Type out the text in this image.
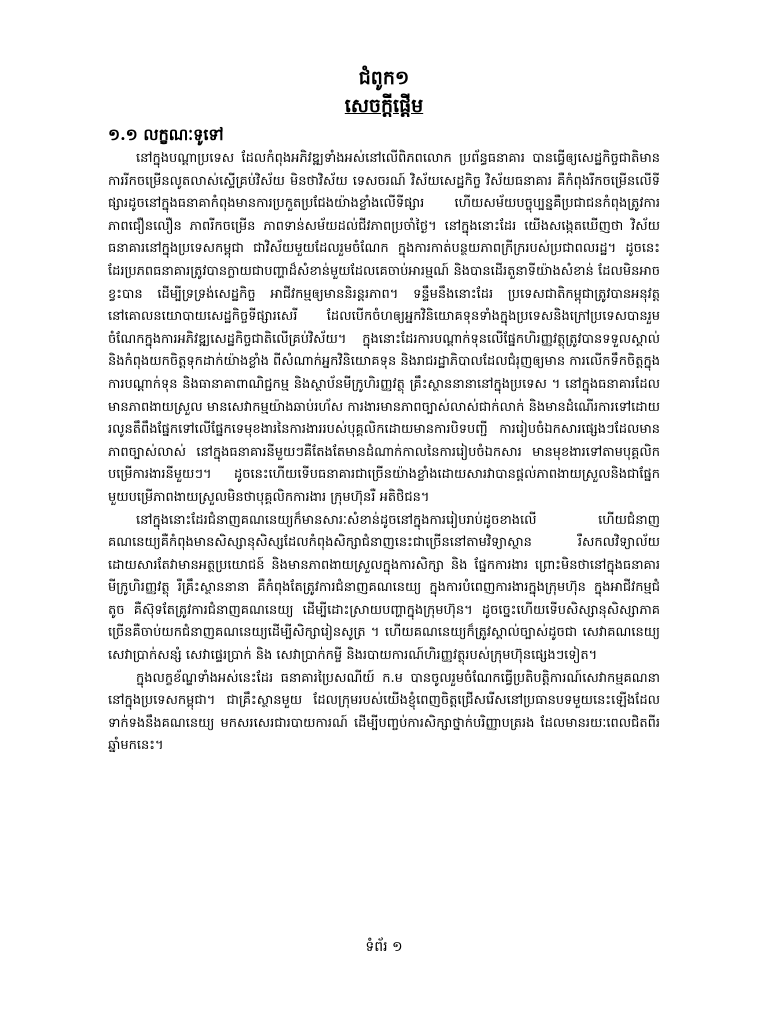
ជំពូក១
សេចក្ដីផ្ដើម
១.១ លក្ខណៈទូទៅ

នៅក្នុងបណ្ដាប្រទេស ដែលកំពុងអភិវឌ្ឍទាំងអស់នៅលើពិភពលោក ប្រព័ន្ធធនាគារ បានធ្វើឲ្យសេដ្ឋកិច្ចជាតិមានការរីកចម្រើនលូតលាស់ស្ទើគ្រប់វិស័យ មិនថាវិស័យ ទេសចរណ៍ វិស័យសេដ្ឋកិច្ច វិស័យធនាគារ គឺកំពុងរីកចម្រើនលើទីផ្សារដូចនៅក្នុងធនាគាកំពុងមានការប្រកួតប្រជែងយ៉ាងខ្លាំងលើទីផ្សារ ហើយសម័យបច្ចុប្បន្នគឺប្រជាជនកំពុងត្រូវការភាពជឿនលឿន ភាពរីកចម្រើន ភាពទាន់សម័យដល់ជីវភាពប្រចាំថ្ងៃ។ នៅក្នុងនោះដែរ យើងសង្កេតឃើញថា វិស័យធនាគារនៅក្នុងប្រទេសកម្ពុជា ជាវិស័យមួយដែលរួមចំណែក ក្នុងការកាត់បន្ថយភាពក្រីក្ររបស់ប្រជាពលរដ្ឋ។ ដូចនេះដែរប្រភពធនាគារត្រូវបានក្លាយជាបញ្ហាដ៏សំខាន់មួយដែលគេចាប់អារម្មណ៍ និងបានដើរតួនាទីយ៉ាងសំខាន់ ដែលមិនអាចខ្វះបាន ដើម្បីទ្រទ្រង់សេដ្ឋកិច្ច អាជីវកម្មឲ្យមាននិរន្តរភាព។ ទន្ទឹមនឹងនោះដែរ ប្រទេសជាតិកម្ពុជាត្រូវបានអនុវត្តនៅគោលនយោបាយសេដ្ឋកិច្ចទីផ្សារសេរី ដែលបើកចំហឲ្យអ្នកវិនិយោគទុនទាំងក្នុងប្រទេសនិងក្រៅប្រទេសបានរួមចំណែកក្នុងការអភិវឌ្ឍសេដ្ឋកិច្ចជាតិលើគ្រប់វិស័យ។ ក្នុងនោះដែរការបណ្ដាក់ទុនលើផ្នែកហិរញ្ញវត្ថុត្រូវបានទទួលស្គាល់ និងកំពុងយកចិត្តទុកដាក់យ៉ាងខ្លាំង ពីសំណាក់អ្នកវិនិយោគទុន និងរាជរដ្ឋាភិបាលដែលជំរុញឲ្យមាន ការលើកទឹកចិត្តក្នុងការបណ្ដាក់ទុន និងធានាគាពាណិជ្ជកម្ម និងស្ថាប័នមីក្រូហិរញ្ញវត្ថុ គ្រឹះស្ថាននានានៅក្នុងប្រទេស ។ នៅក្នុងធនាគារដែលមានភាពងាយស្រួល មានសេវាកម្មយ៉ាងឆាប់រហ័ស ការងារមានភាពច្បាស់លាស់ជាក់លាក់ និងមានដំណើរការទៅដោយរលូនតឹពឹងផ្នែកទៅលើផ្នែកទេមុខងារនៃការងាររបស់បុគ្គលិកដោយមានការបិទបញ្ជី ការរៀបចំឯកសារផ្សេងៗដែលមានភាពច្បាស់លាស់ នៅក្នុងធនាគារនីមួយៗគឺតែងតែមានដំណាក់កាលនៃការរៀបចំឯកសារ មានមុខងារទៅតាមបុគ្គលិកបម្រើការងារនីមួយៗ។ ដូចនេះហើយទើបធនាគារជាច្រើនយ៉ាងខ្លាំងដោយសារវាបានផ្ដល់ភាពងាយស្រួលនិងជាផ្នែកមួយបម្រើភាពងាយស្រួលមិនថាបុគ្គលិកការងារ ក្រុមហ៊ុនរឺ អតិថិជន។

នៅក្នុងនោះដែរជំនាញគណនេយ្យក៏មានសារៈសំខាន់ដូចនៅក្នុងការរៀបរាប់ដូចខាងលើ ហើយជំនាញគណនេយ្យគឺកំពុងមានសិស្សានុសិស្សដែលកំពុងសិក្សាជំនាញនេះជាច្រើននៅតាមវិទ្យាស្ថាន រឺសកលវិទ្យាល័យដោយសារតែវាមានអត្ថប្រយោជន៍ និងមានភាពងាយស្រួលក្នុងការសិក្សា និង ផ្នែកការងារ ព្រោះមិនថានៅក្នុងធនាគារ មីក្រូហិរញ្ញវត្ថុ រឺគ្រឹះស្ថាននានា គឺកំពុងតែត្រូវការជំនាញគណនេយ្យ ក្នុងការបំពេញការងារក្នុងក្រុមហ៊ុន ក្នុងអាជីវកម្មជំតូច គឺស៊ុទតែត្រូវការជំនាញគណនេយ្យ ដើម្បីដោះស្រាយបញ្ហាក្នុងក្រុមហ៊ុន។ ដូចច្នេះហើយទើបសិស្សានុសិស្សាភាគច្រើនគឺចាប់យកជំនាញគណនេយ្យដើម្បីសិក្សារៀនសូត្រ ។ ហើយគណនេយ្យក៏ត្រូវស្គាល់ច្បាស់ដូចជា សេវាគណនេយ្យ សេវាប្រាក់សន្សំ សេវាផ្ទេរប្រាក់ និង សេវាប្រាក់កម្ចី និងរបាយការណ៍ហិរញ្ញវត្ថុរបស់ក្រុមហ៊ុនផ្សេងៗទៀត។

ក្នុងលក្ខខ័ណ្ឌទាំងអស់នេះដែរ ធនាគារប្រៃសណីយ៍ ក.ម បានចូលរួមចំណែកធ្វើប្រតិបត្តិការណ៍សេវាកម្មគណនានៅក្នុងប្រទេសកម្ពុជា។ ជាគ្រឹះស្ថានមួយ ដែលក្រុមរបស់យើងខ្ញុំពេញចិត្តជ្រើសរើសនៅប្រធានបទមួយនេះឡើងដែលទាក់ទងនឹងគណនេយ្យ មកសរសេរជារបាយការណ៍ ដើម្បីបញ្ចប់ការសិក្សាថ្នាក់បរិញ្ញាបត្ររង ដែលមានរយៈពេលជិតពីរឆ្នាំមកនេះ។

ទំព័រ ១
